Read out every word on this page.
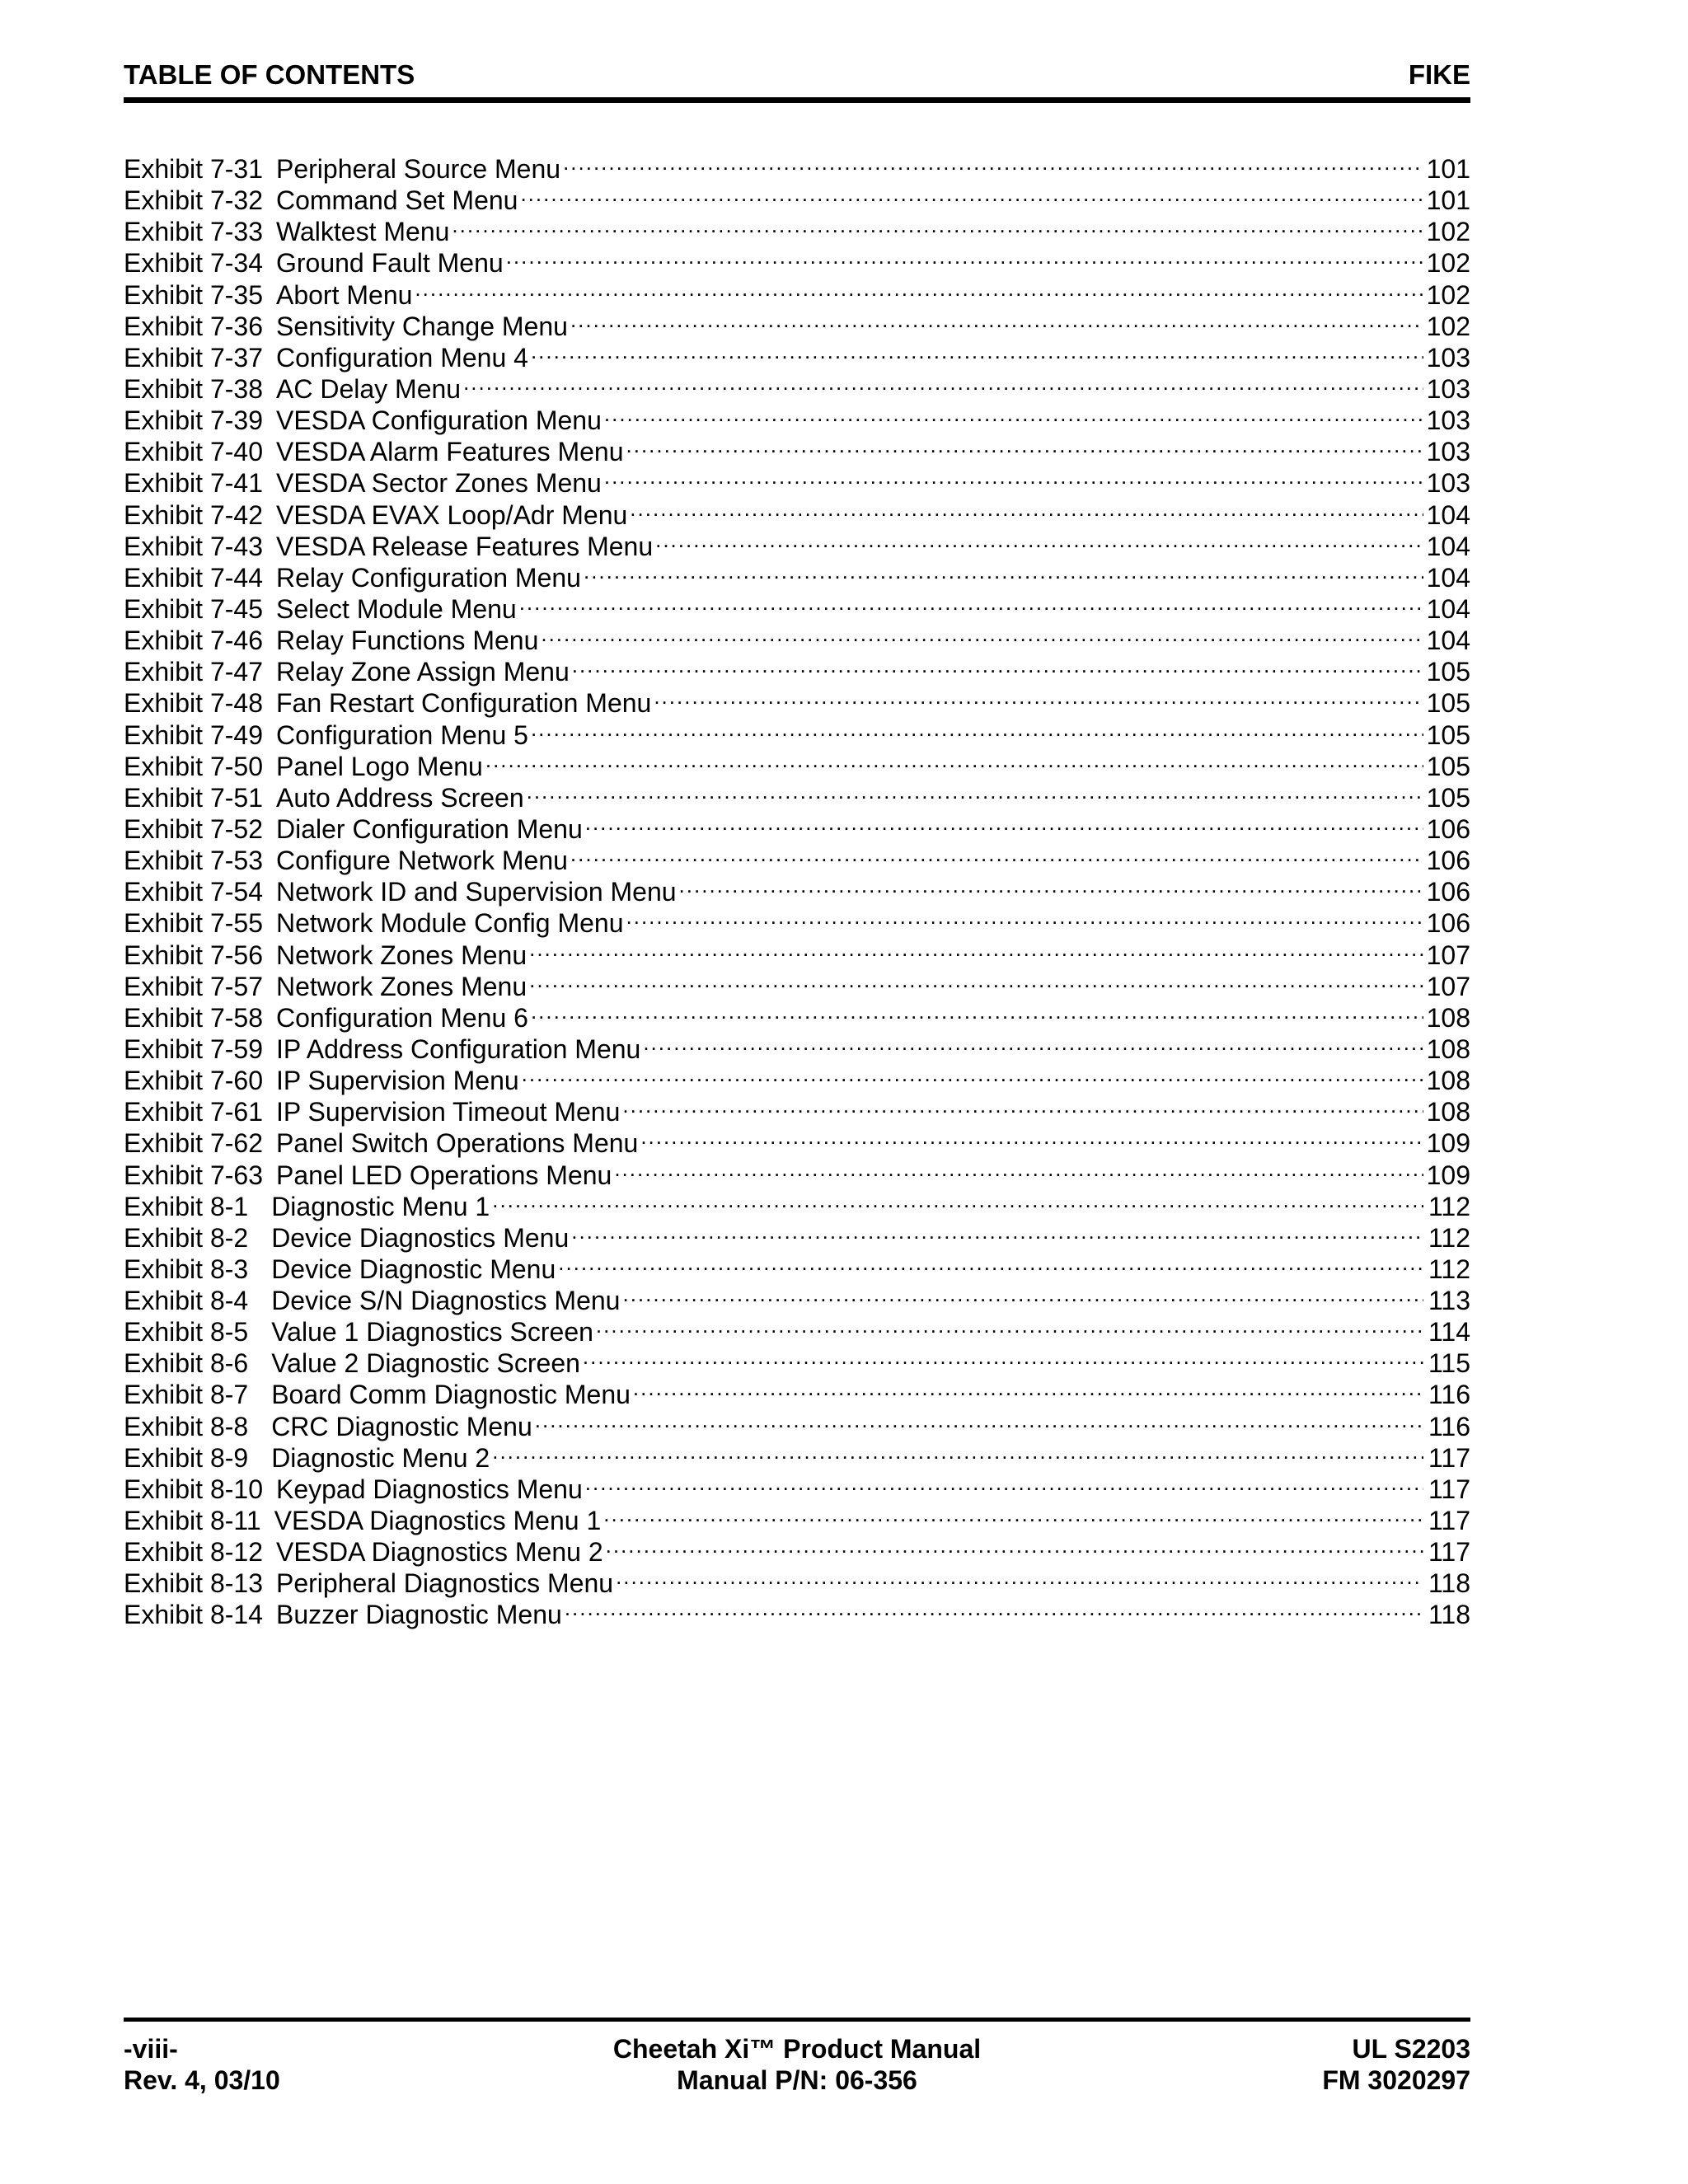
TABLE OF CONTENTS	FIKE
Exhibit 7-31 Peripheral Source Menu .....	101
Exhibit 7-32 Command Set Menu .....	101
Exhibit 7-33 Walktest Menu .....	102
Exhibit 7-34 Ground Fault Menu .....	102
Exhibit 7-35 Abort Menu .....	102
Exhibit 7-36 Sensitivity Change Menu .....	102
Exhibit 7-37 Configuration Menu 4 .....	103
Exhibit 7-38 AC Delay Menu .....	103
Exhibit 7-39 VESDA Configuration Menu .....	103
Exhibit 7-40 VESDA Alarm Features Menu .....	103
Exhibit 7-41 VESDA Sector Zones Menu .....	103
Exhibit 7-42 VESDA EVAX Loop/Adr Menu .....	104
Exhibit 7-43 VESDA Release Features Menu .....	104
Exhibit 7-44 Relay Configuration Menu .....	104
Exhibit 7-45 Select Module Menu .....	104
Exhibit 7-46 Relay Functions Menu .....	104
Exhibit 7-47 Relay Zone Assign Menu .....	105
Exhibit 7-48 Fan Restart Configuration Menu .....	105
Exhibit 7-49 Configuration Menu 5 .....	105
Exhibit 7-50 Panel Logo Menu .....	105
Exhibit 7-51 Auto Address Screen .....	105
Exhibit 7-52 Dialer Configuration Menu .....	106
Exhibit 7-53 Configure Network Menu .....	106
Exhibit 7-54 Network ID and Supervision Menu .....	106
Exhibit 7-55 Network Module Config Menu .....	106
Exhibit 7-56 Network Zones Menu .....	107
Exhibit 7-57 Network Zones Menu .....	107
Exhibit 7-58 Configuration Menu 6 .....	108
Exhibit 7-59 IP Address Configuration Menu .....	108
Exhibit 7-60 IP Supervision Menu .....	108
Exhibit 7-61 IP Supervision Timeout Menu .....	108
Exhibit 7-62 Panel Switch Operations Menu .....	109
Exhibit 7-63 Panel LED Operations Menu .....	109
Exhibit 8-1 Diagnostic Menu 1 .....	112
Exhibit 8-2 Device Diagnostics Menu .....	112
Exhibit 8-3 Device Diagnostic Menu .....	112
Exhibit 8-4 Device S/N Diagnostics Menu .....	113
Exhibit 8-5 Value 1 Diagnostics Screen .....	114
Exhibit 8-6 Value 2 Diagnostic Screen .....	115
Exhibit 8-7 Board Comm Diagnostic Menu .....	116
Exhibit 8-8 CRC Diagnostic Menu .....	116
Exhibit 8-9 Diagnostic Menu 2 .....	117
Exhibit 8-10 Keypad Diagnostics Menu .....	117
Exhibit 8-11 VESDA Diagnostics Menu 1 .....	117
Exhibit 8-12 VESDA Diagnostics Menu 2 .....	117
Exhibit 8-13 Peripheral Diagnostics Menu .....	118
Exhibit 8-14 Buzzer Diagnostic Menu .....	118
-viii-
Rev. 4, 03/10
Cheetah Xi™ Product Manual
Manual P/N: 06-356
UL S2203
FM 3020297
